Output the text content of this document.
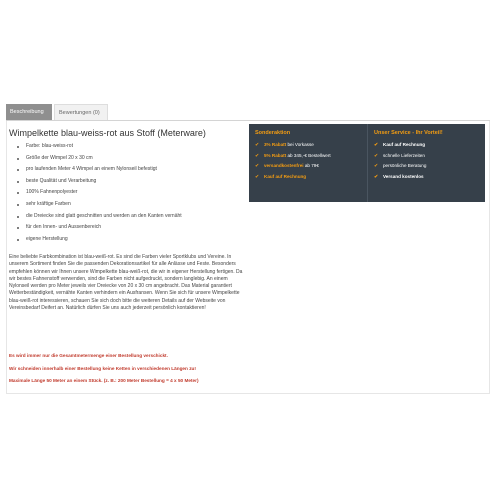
Beschreibung	Bewertungen (0)
Wimpelkette blau-weiss-rot aus Stoff (Meterware)
Farbe: blau-weiss-rot
Größe der Wimpel 20 x 30 cm
pro laufenden Meter 4 Wimpel an einem Nylonseil befestigt
beste Qualität und Verarbeitung
100% Fahnenpolyester
sehr kräftige Farben
die Dreiecke sind glatt geschnitten und werden an den Kanten vernäht
für den Innen- und Aussenbereich
eigene Herstellung

Eine beliebte Farbkombination ist blau-weiß-rot. Es sind die Farben vieler Sportklubs und Vereine. In unserem Sortiment finden Sie die passenden Dekorationsartikel für alle Anlässe und Feste. Besonders empfehlen können wir Ihnen unsere Wimpelkette blau-weiß-rot, die wir in eigener Herstellung fertigen. Da wir bestes Fahnenstoff verwenden, sind die Farben nicht aufgedruckt, sondern langlebig. An einem Nylonseil werden pro Meter jeweils vier Dreiecke von 20 x 30 cm angebracht. Das Material garantiert Wetterbeständigkeit, vernähte Kanten verhindern ein Ausfransen. Wenn Sie sich für unsere Wimpelkette blau-weiß-rot interessieren, schauen Sie sich doch bitte die weiteren Details auf der Webseite von Vereinsbedarf Deifert an. Natürlich dürfen Sie uns auch jederzeit persönlich kontaktieren!

Es wird immer nur die Gesamtmetermenge einer Bestellung verschickt.
Wir schneiden innerhalb einer Bestellung keine Ketten in verschiedenen Längen zu!
Maximale Länge 50 Meter an einem Stück. (z. B.: 200 Meter Bestellung = 4 x 50 Meter)
Sonderaktion
✔ 3% Rabatt bei Vorkasse
✔ 5% Rabatt ab 345,-€ Bestellwert
✔ versandkostenfrei ab 79€
✔ Kauf auf Rechnung
Unser Service - Ihr Vorteil!
✔ Kauf auf Rechnung
✔ schnelle Lieferzeiten
✔ persönliche Beratung
✔ Versand kostenlos
